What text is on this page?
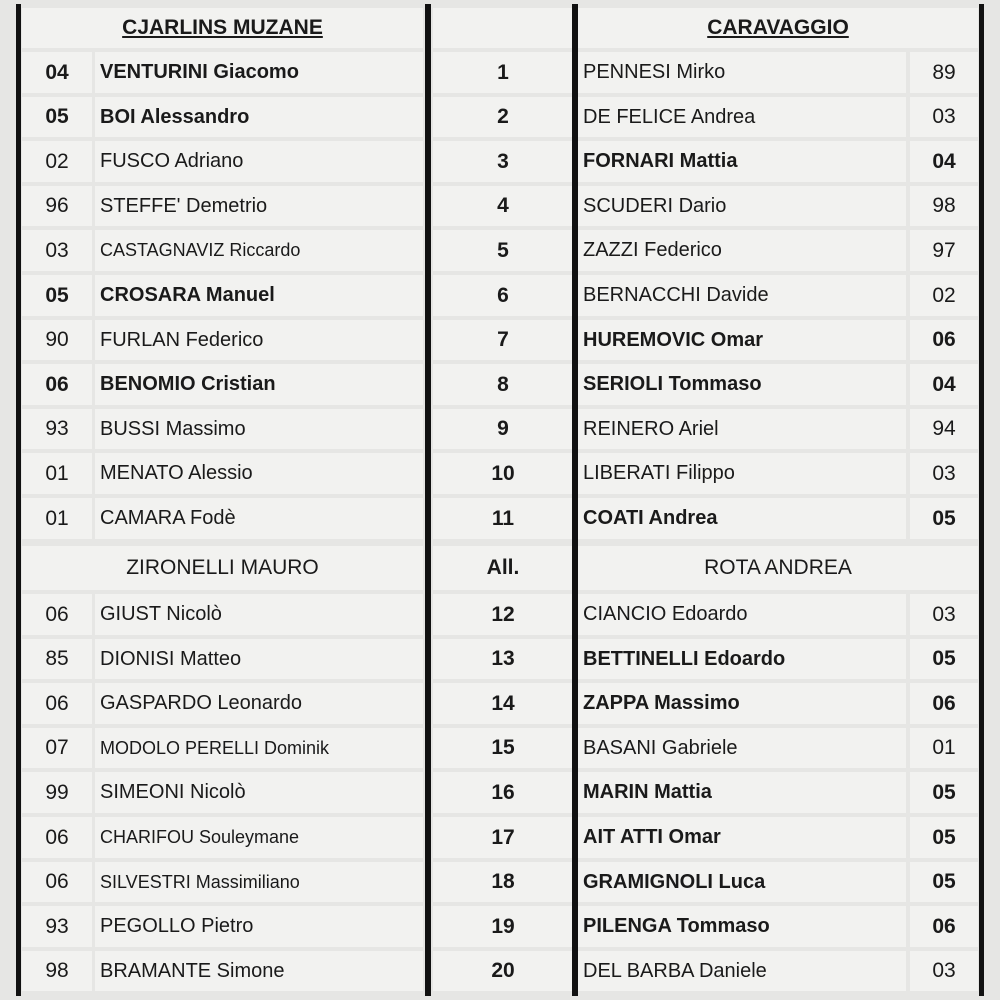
CJARLINS MUZANE	CARAVAGGIO
04	VENTURINI Giacomo	1	PENNESI Mirko	89
05	BOI Alessandro	2	DE FELICE Andrea	03
02	FUSCO Adriano	3	FORNARI Mattia	04
96	STEFFE' Demetrio	4	SCUDERI Dario	98
03	CASTAGNAVIZ Riccardo	5	ZAZZI Federico	97
05	CROSARA Manuel	6	BERNACCHI Davide	02
90	FURLAN Federico	7	HUREMOVIC Omar	06
06	BENOMIO Cristian	8	SERIOLI Tommaso	04
93	BUSSI Massimo	9	REINERO Ariel	94
01	MENATO Alessio	10	LIBERATI Filippo	03
01	CAMARA Fodè	11	COATI Andrea	05
ZIRONELLI MAURO	All.	ROTA ANDREA
06	GIUST Nicolò	12	CIANCIO Edoardo	03
85	DIONISI Matteo	13	BETTINELLI Edoardo	05
06	GASPARDO Leonardo	14	ZAPPA Massimo	06
07	MODOLO PERELLI Dominik	15	BASANI Gabriele	01
99	SIMEONI Nicolò	16	MARIN Mattia	05
06	CHARIFOU Souleymane	17	AIT ATTI Omar	05
06	SILVESTRI Massimiliano	18	GRAMIGNOLI Luca	05
93	PEGOLLO Pietro	19	PILENGA Tommaso	06
98	BRAMANTE Simone	20	DEL BARBA Daniele	03
